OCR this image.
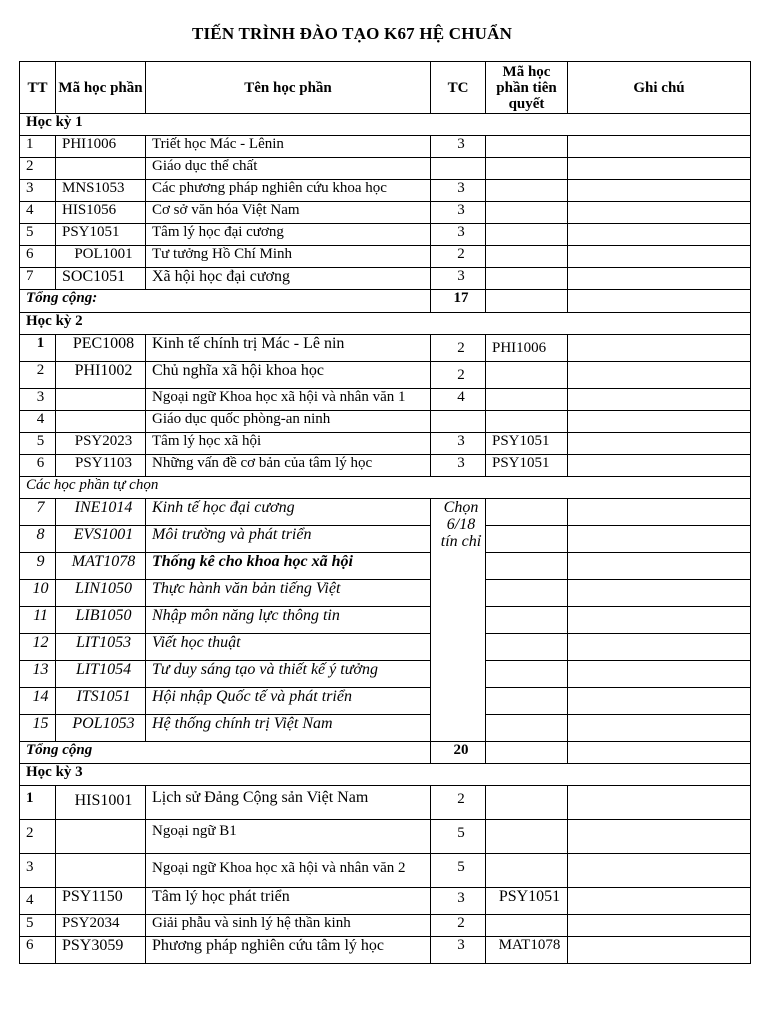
TIẾN TRÌNH ĐÀO TẠO K67 HỆ CHUẨN
TT	Mã học phần	Tên học phần	TC	Mã học phần tiên quyết	Ghi chú
Học kỳ 1					
1	PHI1006	Triết học Mác - Lênin	3		
2		Giáo dục thể chất			
3	MNS1053	Các phương pháp nghiên cứu khoa học	3		
4	HIS1056	Cơ sở văn hóa Việt Nam	3		
5	PSY1051	Tâm lý học đại cương	3		
6	POL1001	Tư tưởng Hồ Chí Minh	2		
7	SOC1051	Xã hội học đại cương	3		
Tổng cộng:			17		
Học kỳ 2					
1	PEC1008	Kinh tế chính trị Mác - Lê nin	2	PHI1006	
2	PHI1002	Chủ nghĩa xã hội khoa học	2		
3		Ngoại ngữ Khoa học xã hội và nhân văn 1	4		
4		Giáo dục quốc phòng-an ninh			
5	PSY2023	Tâm lý học xã hội	3	PSY1051	
6	PSY1103	Những vấn đề cơ bản của tâm lý học	3	PSY1051	
Các học phần tự chọn					
7	INE1014	Kinh tế học đại cương	Chọn
6/18
tín chỉ		
8	EVS1001	Môi trường và phát triển			
9	MAT1078	Thống kê cho khoa học xã hội			
10	LIN1050	Thực hành văn bản tiếng Việt			
11	LIB1050	Nhập môn năng lực thông tin			
12	LIT1053	Viết học thuật			
13	LIT1054	Tư duy sáng tạo và thiết kế ý tưởng			
14	ITS1051	Hội nhập Quốc tế và phát triển			
15	POL1053	Hệ thống chính trị Việt Nam			
Tổng cộng			20		
Học kỳ 3					
1	HIS1001	Lịch sử Đảng Cộng sản Việt Nam	2		
2		Ngoại ngữ B1	5		
3		Ngoại ngữ Khoa học xã hội và nhân văn 2	5		
4	PSY1150	Tâm lý học phát triển	3	PSY1051	
5	PSY2034	Giải phẫu và sinh lý hệ thần kinh	2		
6	PSY3059	Phương pháp nghiên cứu tâm lý học	3	MAT1078	
